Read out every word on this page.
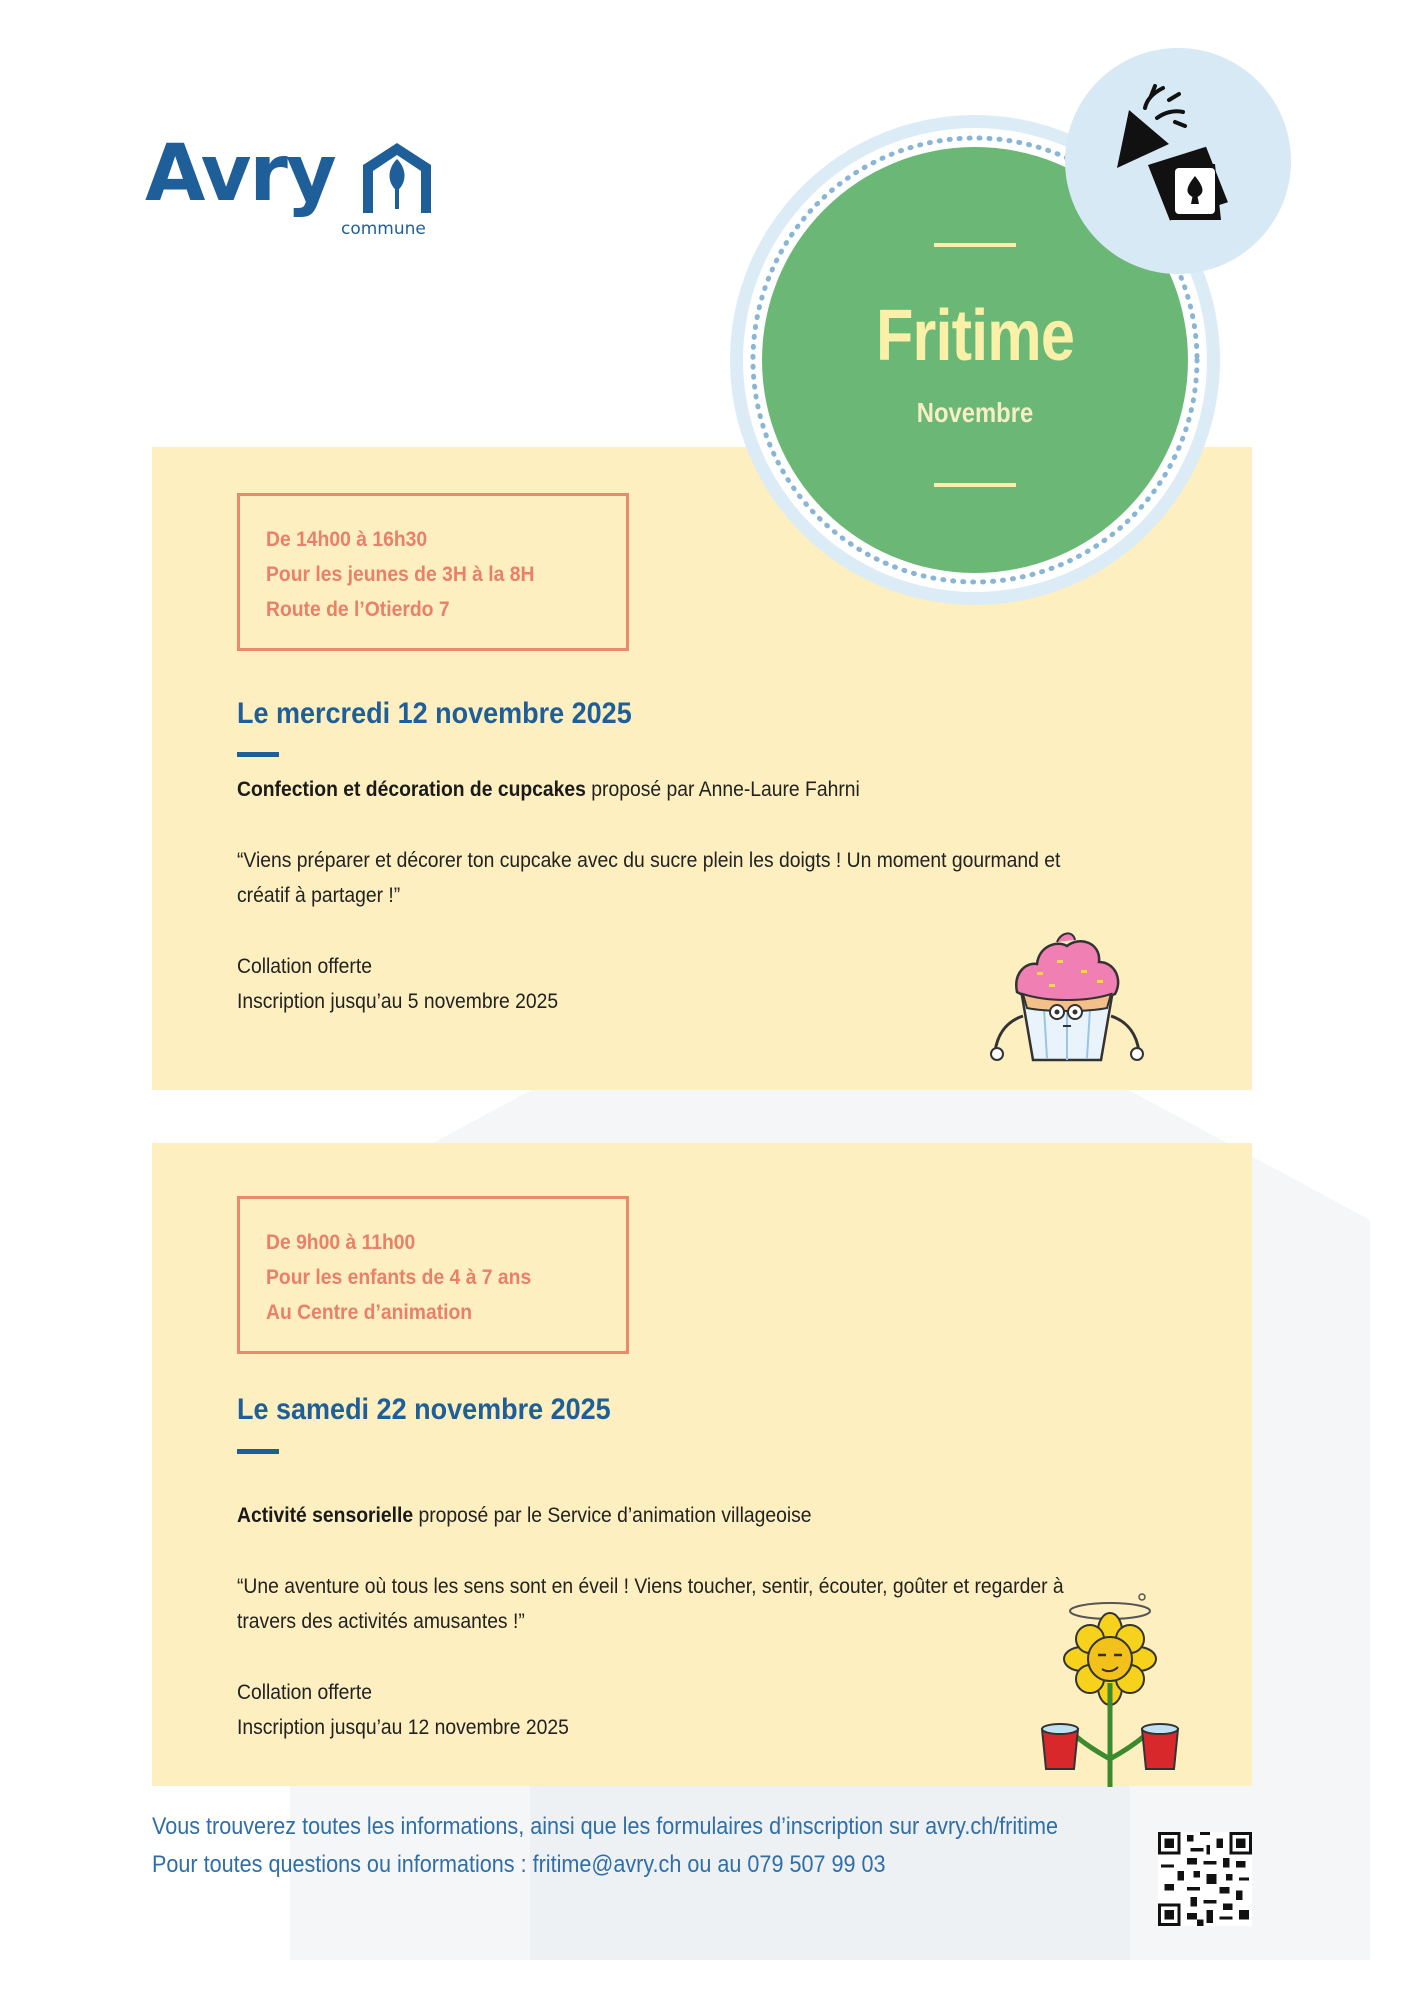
Avry
commune
De 14h00 à 16h30
Pour les jeunes de 3H à la 8H
Route de l’Otierdo 7
Le mercredi 12 novembre 2025
Confection et décoration de cupcakes proposé par Anne-Laure Fahrni
“Viens préparer et décorer ton cupcake avec du sucre plein les doigts ! Un moment gourmand et créatif à partager !”
Collation offerte
Inscription jusqu’au 5 novembre 2025
De 9h00 à 11h00
Pour les enfants de 4 à 7 ans
Au Centre d’animation
Le samedi 22 novembre 2025
Activité sensorielle proposé par le Service d’animation villageoise
“Une aventure où tous les sens sont en éveil ! Viens toucher, sentir, écouter, goûter et regarder à travers des activités amusantes !”
Collation offerte
Inscription jusqu’au 12 novembre 2025
Fritime
Novembre
Vous trouverez toutes les informations, ainsi que les formulaires d’inscription sur avry.ch/fritime
Pour toutes questions ou informations : fritime@avry.ch ou au 079 507 99 03
